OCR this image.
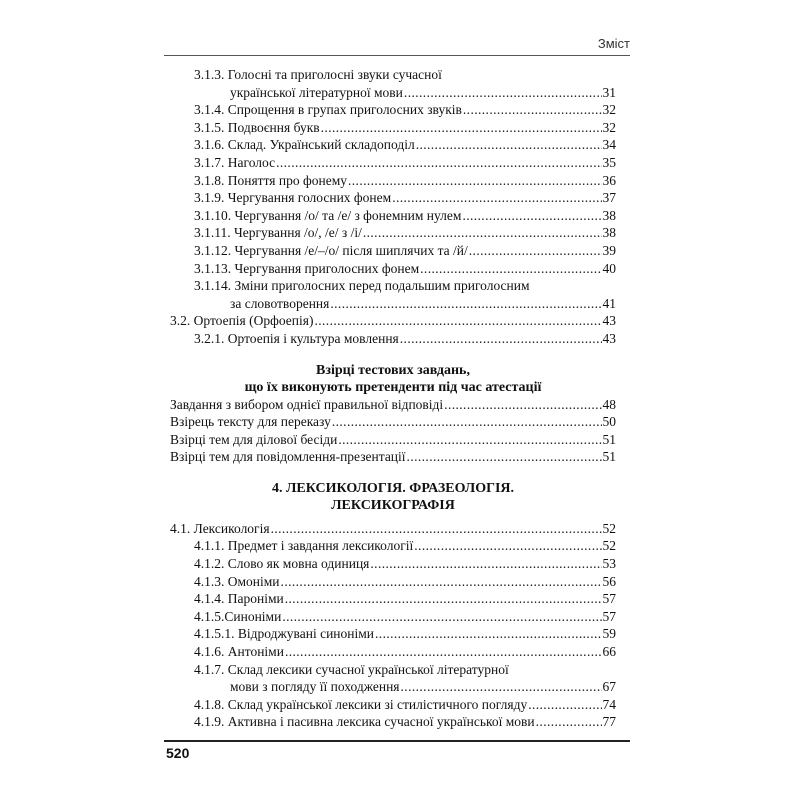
Зміст
3.1.3. Голосні та приголосні звуки сучасної
української літературної мови .....	31
3.1.4. Спрощення в групах приголосних звуків .....	32
3.1.5. Подвоєння букв .....	32
3.1.6. Склад. Український складоподіл .....	34
3.1.7. Наголос .....	35
3.1.8. Поняття про фонему .....	36
3.1.9. Чергування голосних фонем .....	37
3.1.10. Чергування /о/ та /е/ з фонемним нулем .....	38
3.1.11. Чергування /о/, /е/ з /і/ .....	38
3.1.12. Чергування /е/–/о/ після шиплячих та /й/ .....	39
3.1.13. Чергування приголосних фонем .....	40
3.1.14. Зміни приголосних перед подальшим приголосним
за словотворення .....	41
3.2. Ортоепія (Орфоепія) .....	43
3.2.1. Ортоепія і культура мовлення .....	43
Взірці тестових завдань,
що їх виконують претенденти під час атестації
Завдання з вибором однієї правильної відповіді .....	48
Взірець тексту для переказу .....	50
Взірці тем для ділової бесіди .....	51
Взірці тем для повідомлення-презентації .....	51
4. ЛЕКСИКОЛОГІЯ. ФРАЗЕОЛОГІЯ.
ЛЕКСИКОГРАФІЯ
4.1. Лексикологія .....	52
4.1.1. Предмет і завдання лексикології .....	52
4.1.2. Слово як мовна одиниця .....	53
4.1.3. Омоніми .....	56
4.1.4. Пароніми .....	57
4.1.5.Синоніми .....	57
4.1.5.1. Відроджувані синоніми .....	59
4.1.6. Антоніми .....	66
4.1.7. Склад лексики сучасної української літературної
мови з погляду її походження .....	67
4.1.8. Склад української лексики зі стилістичного погляду .....	74
4.1.9. Активна і пасивна лексика сучасної української мови .....	77
520
